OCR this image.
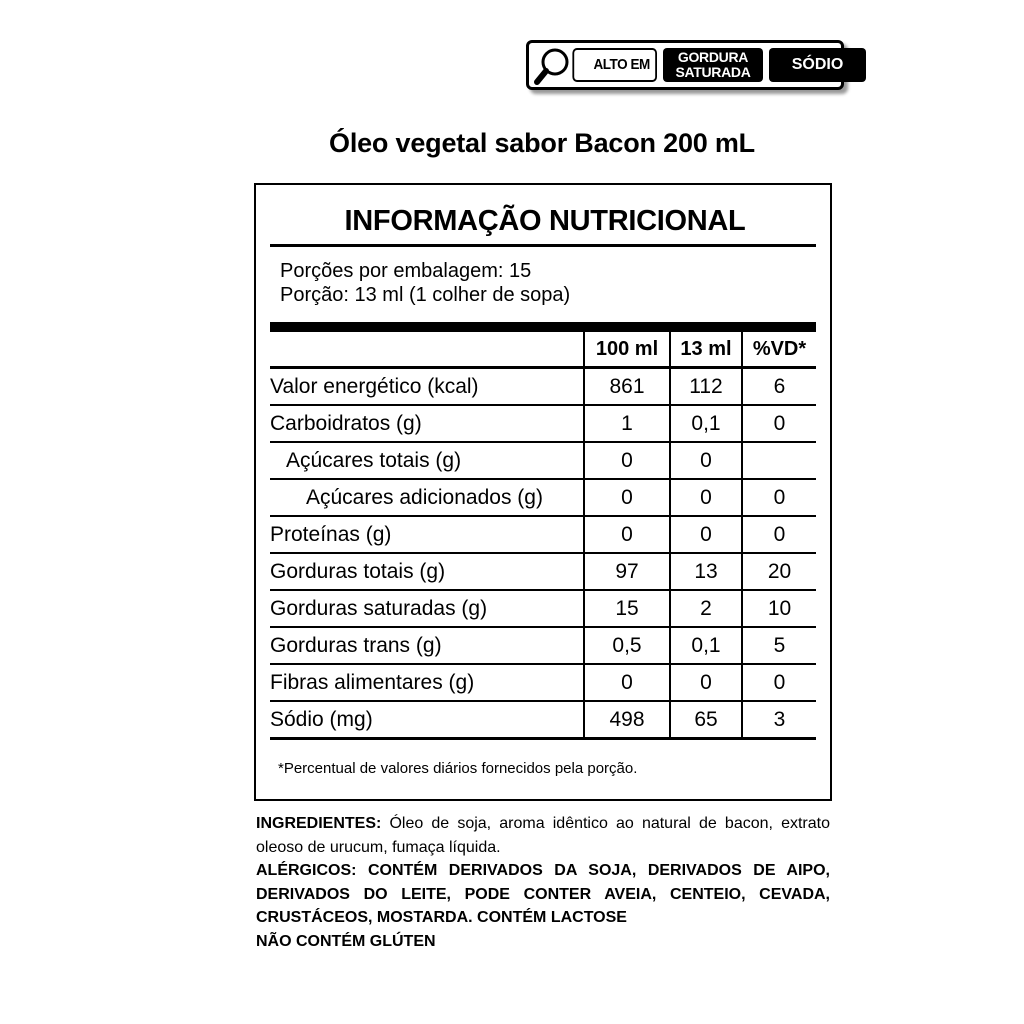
ALTO EM	GORDURA SATURADA	SÓDIO
Óleo vegetal sabor Bacon 200 mL
INFORMAÇÃO NUTRICIONAL
Porções por embalagem: 15
Porção: 13 ml (1 colher de sopa)
	100 ml	13 ml	%VD*
Valor energético (kcal)	861	112	6
Carboidratos (g)	1	0,1	0
Açúcares totais (g)	0	0	
Açúcares adicionados (g)	0	0	0
Proteínas (g)	0	0	0
Gorduras totais (g)	97	13	20
Gorduras saturadas (g)	15	2	10
Gorduras trans (g)	0,5	0,1	5
Fibras alimentares (g)	0	0	0
Sódio (mg)	498	65	3
*Percentual de valores diários fornecidos pela porção.

INGREDIENTES: Óleo de soja, aroma idêntico ao natural de bacon, extrato oleoso de urucum, fumaça líquida.

ALÉRGICOS: CONTÉM DERIVADOS DA SOJA, DERIVADOS DE AIPO, DERIVADOS DO LEITE, PODE CONTER AVEIA, CENTEIO, CEVADA, CRUSTÁCEOS, MOSTARDA. CONTÉM LACTOSE

NÃO CONTÉM GLÚTEN
